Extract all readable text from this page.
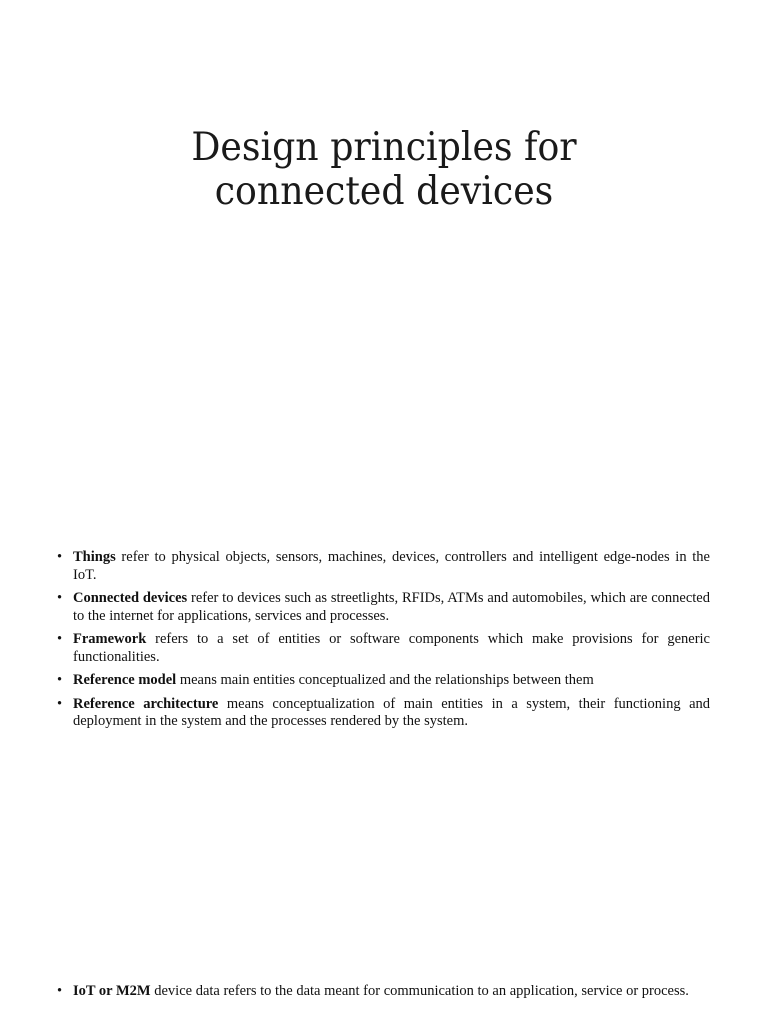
Design principles for
connected devices
• Things refer to physical objects, sensors, machines, devices, controllers and intelligent edge-nodes in the IoT.
• Connected devices refer to devices such as streetlights, RFIDs, ATMs and automobiles, which are connected to the internet for applications, services and processes.
• Framework refers to a set of entities or software components which make provisions for generic functionalities.
• Reference model means main entities conceptualized and the relationships between them
• Reference architecture means conceptualization of main entities in a system, their functioning and deployment in the system and the processes rendered by the system.
• IoT or M2M device data refers to the data meant for communication to an application, service or process.
